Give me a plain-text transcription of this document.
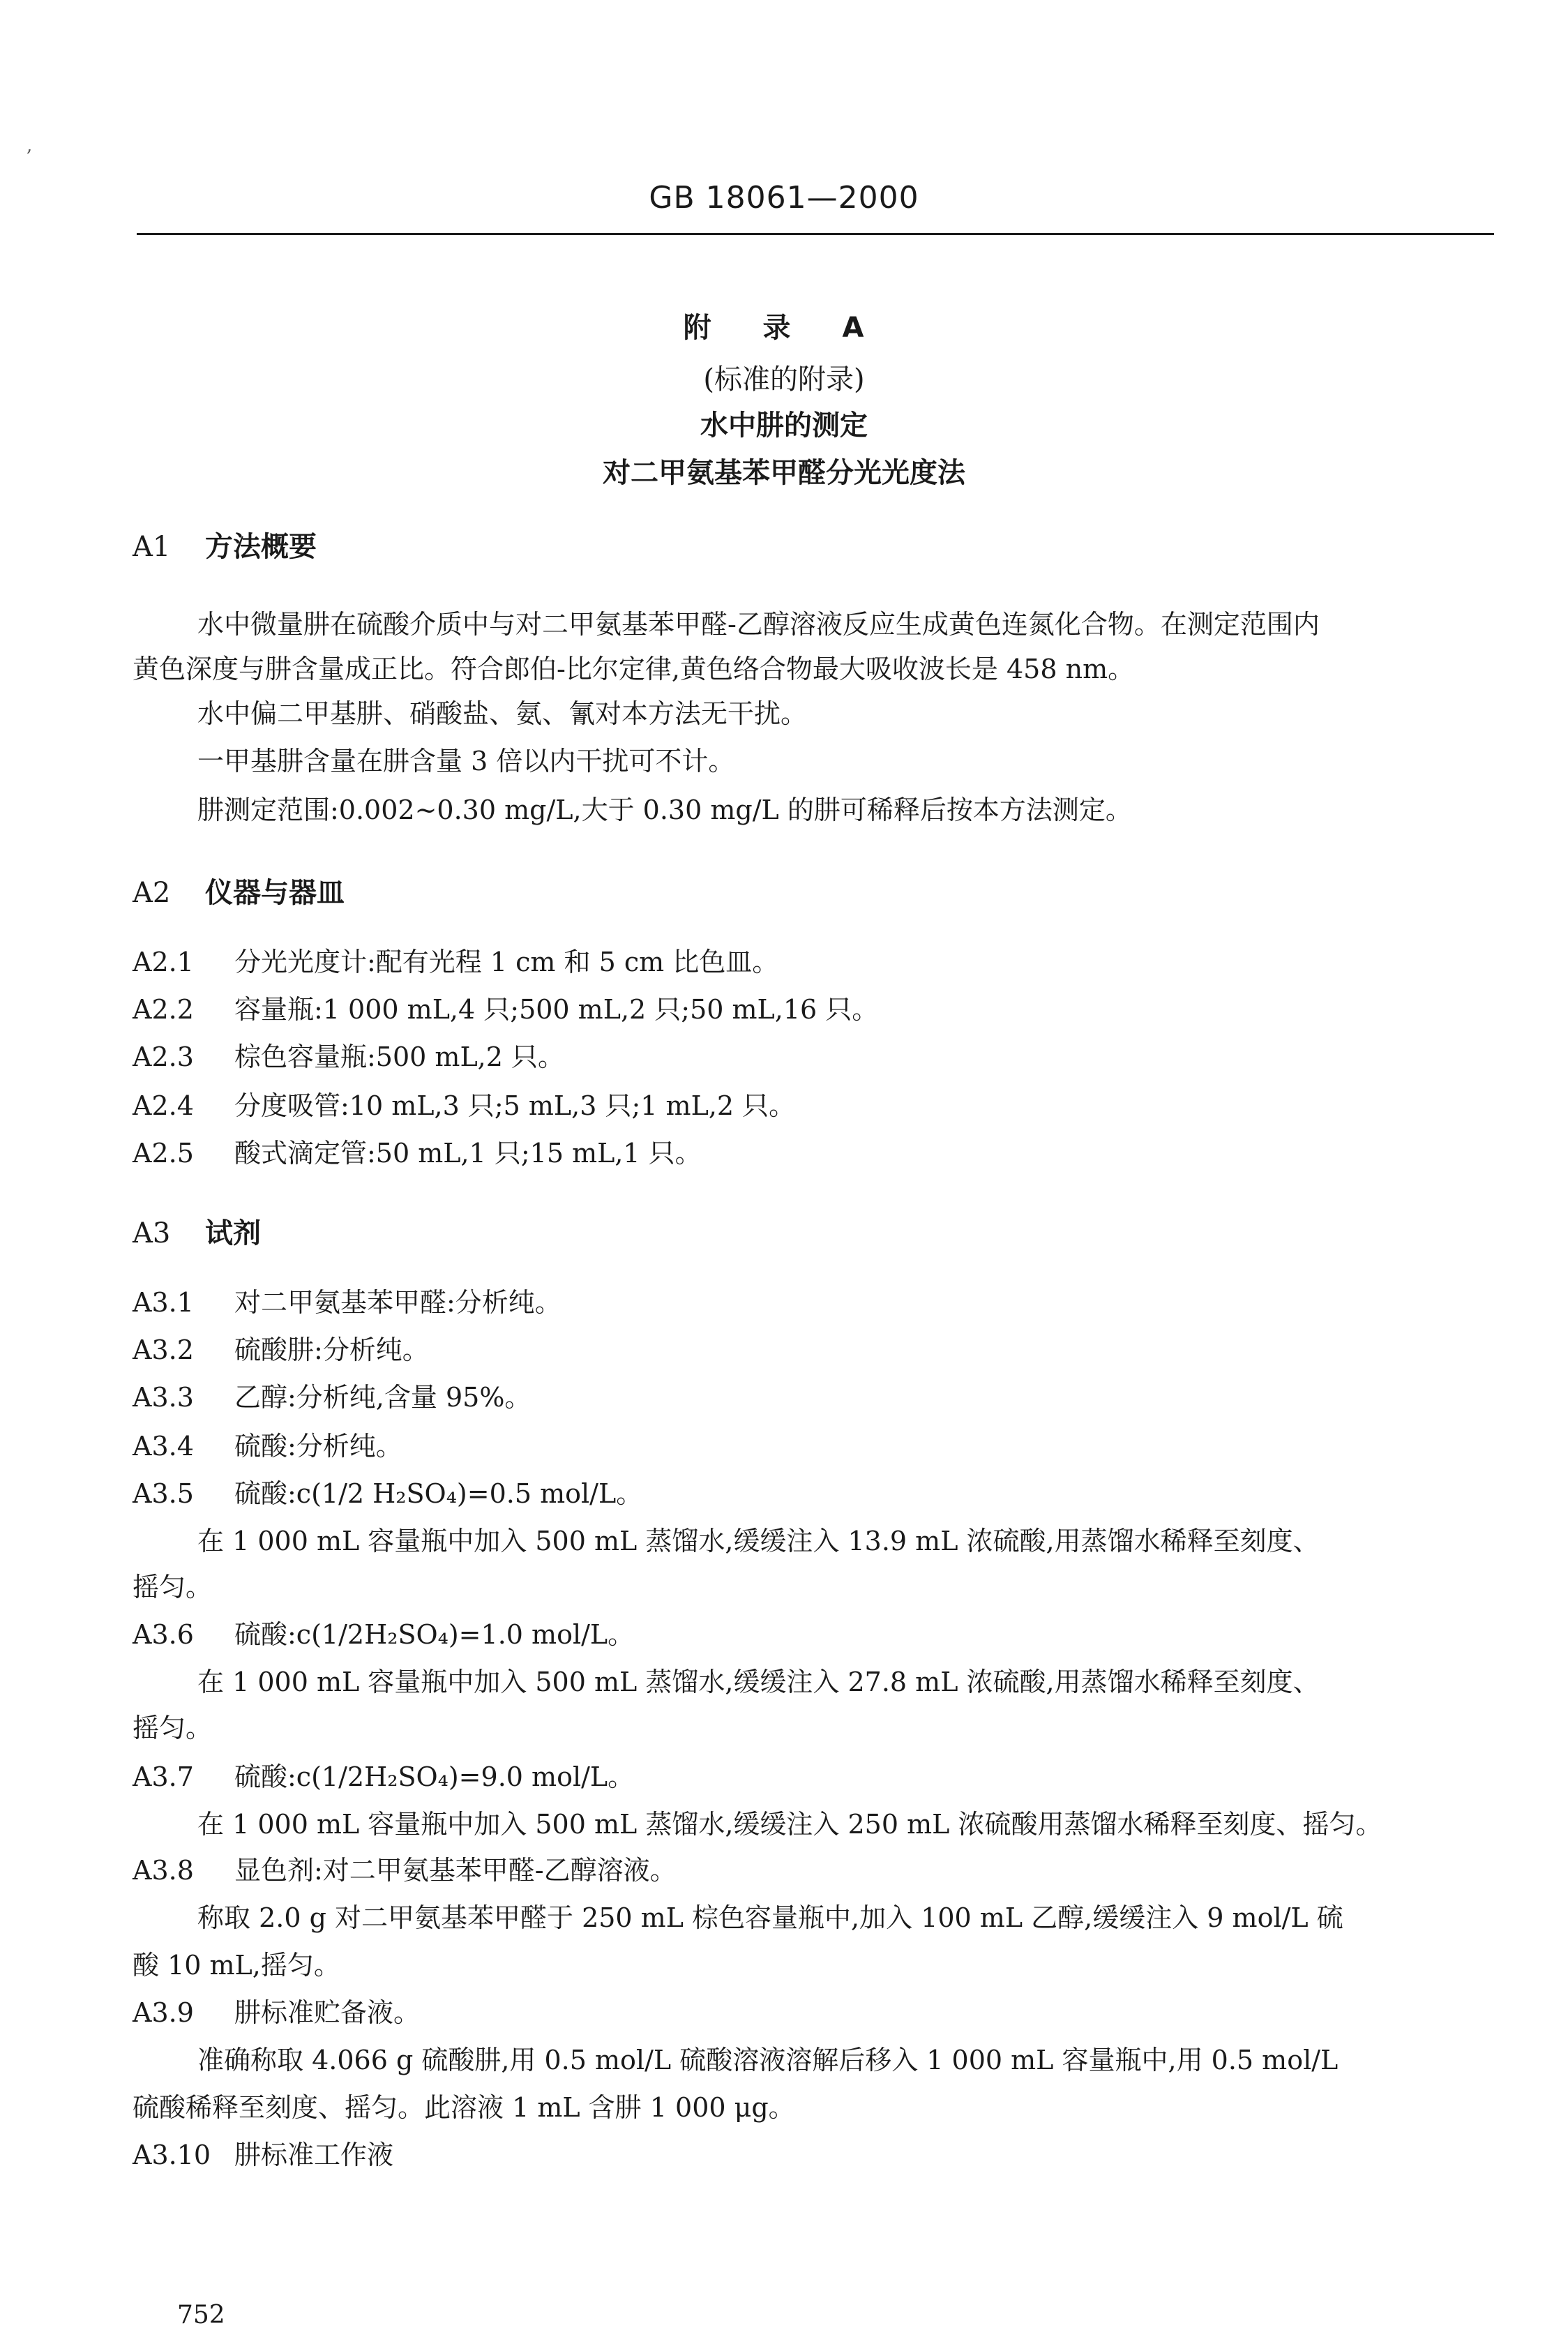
,
GB 18061—2000
附 录 A
(标准的附录)
水中肼的测定
对二甲氨基苯甲醛分光光度法
A1 方法概要
水中微量肼在硫酸介质中与对二甲氨基苯甲醛-乙醇溶液反应生成黄色连氮化合物。在测定范围内
黄色深度与肼含量成正比。符合郎伯-比尔定律,黄色络合物最大吸收波长是 458 nm。
水中偏二甲基肼、硝酸盐、氨、氰对本方法无干扰。
一甲基肼含量在肼含量 3 倍以内干扰可不计。
肼测定范围:0.002~0.30 mg/L,大于 0.30 mg/L 的肼可稀释后按本方法测定。
A2 仪器与器皿
A2.1 分光光度计:配有光程 1 cm 和 5 cm 比色皿。
A2.2 容量瓶:1 000 mL,4 只;500 mL,2 只;50 mL,16 只。
A2.3 棕色容量瓶:500 mL,2 只。
A2.4 分度吸管:10 mL,3 只;5 mL,3 只;1 mL,2 只。
A2.5 酸式滴定管:50 mL,1 只;15 mL,1 只。
A3 试剂
A3.1 对二甲氨基苯甲醛:分析纯。
A3.2 硫酸肼:分析纯。
A3.3 乙醇:分析纯,含量 95%。
A3.4 硫酸:分析纯。
A3.5 硫酸:c(1/2 H₂SO₄)=0.5 mol/L。
在 1 000 mL 容量瓶中加入 500 mL 蒸馏水,缓缓注入 13.9 mL 浓硫酸,用蒸馏水稀释至刻度、
摇匀。
A3.6 硫酸:c(1/2H₂SO₄)=1.0 mol/L。
在 1 000 mL 容量瓶中加入 500 mL 蒸馏水,缓缓注入 27.8 mL 浓硫酸,用蒸馏水稀释至刻度、
摇匀。
A3.7 硫酸:c(1/2H₂SO₄)=9.0 mol/L。
在 1 000 mL 容量瓶中加入 500 mL 蒸馏水,缓缓注入 250 mL 浓硫酸用蒸馏水稀释至刻度、摇匀。
A3.8 显色剂:对二甲氨基苯甲醛-乙醇溶液。
称取 2.0 g 对二甲氨基苯甲醛于 250 mL 棕色容量瓶中,加入 100 mL 乙醇,缓缓注入 9 mol/L 硫
酸 10 mL,摇匀。
A3.9 肼标准贮备液。
准确称取 4.066 g 硫酸肼,用 0.5 mol/L 硫酸溶液溶解后移入 1 000 mL 容量瓶中,用 0.5 mol/L
硫酸稀释至刻度、摇匀。此溶液 1 mL 含肼 1 000 μg。
A3.10 肼标准工作液
752
